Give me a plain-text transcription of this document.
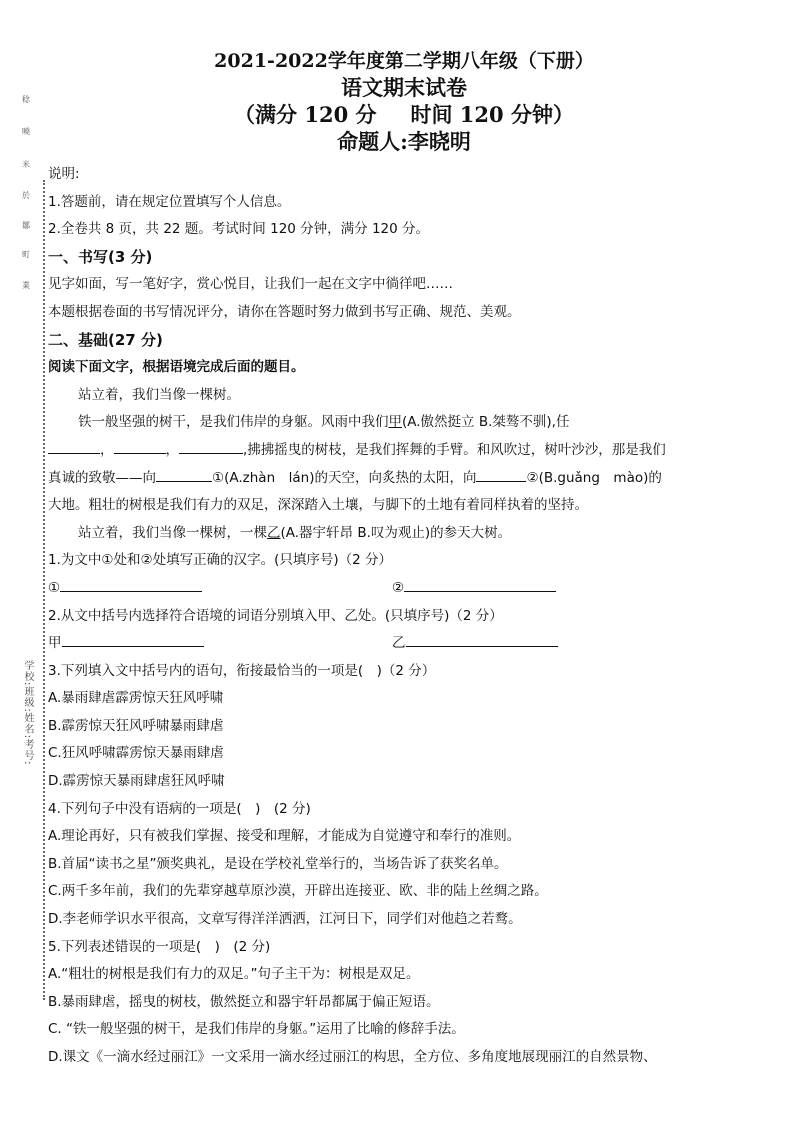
稔
曉
米
於
鄒
町
業
学校:班级:姓名:考号:
2021-2022学年度第二学期八年级（下册）
语文期末试卷
（满分 120 分 时间 120 分钟）
命题人:李晓明
说明:
1.答题前，请在规定位置填写个人信息。
2.全卷共 8 页，共 22 题。考试时间 120 分钟，满分 120 分。
一、书写(3 分)
见字如面，写一笔好字，赏心悦目，让我们一起在文字中徜徉吧……
本题根据卷面的书写情况评分，请你在答题时努力做到书写正确、规范、美观。
二、基础(27 分)
阅读下面文字，根据语境完成后面的题目。
站立着，我们当像一棵树。
铁一般坚强的树干，是我们伟岸的身躯。风雨中我们甲(A.傲然挺立 B.桀骜不驯),任
，	，	,拂拂摇曳的树枝，是我们挥舞的手臂。和风吹过，树叶沙沙，那是我们
真诚的致敬——向	①(A.zhàn　lán)的天空，向炙热的太阳，向	②(B.guǎng　mào)的
大地。粗壮的树根是我们有力的双足，深深踏入土壤，与脚下的土地有着同样执着的坚持。
站立着，我们当像一棵树，一棵乙(A.器宇轩昂 B.叹为观止)的参天大树。
1.为文中①处和②处填写正确的汉字。(只填序号)（2 分）
①	②
2.从文中括号内选择符合语境的词语分别填入甲、乙处。(只填序号)（2 分）
甲	乙
3.下列填入文中括号内的语句，衔接最恰当的一项是(　)（2 分）
A.暴雨肆虐霹雳惊天狂风呼啸
B.霹雳惊天狂风呼啸暴雨肆虐
C.狂风呼啸霹雳惊天暴雨肆虐
D.霹雳惊天暴雨肆虐狂风呼啸
4.下列句子中没有语病的一项是(　)　(2 分)
A.理论再好，只有被我们掌握、接受和理解，才能成为自觉遵守和奉行的准则。
B.首届“读书之星”颁奖典礼，是设在学校礼堂举行的，当场告诉了获奖名单。
C.两千多年前，我们的先辈穿越草原沙漠，开辟出连接亚、欧、非的陆上丝绸之路。
D.李老师学识水平很高，文章写得洋洋洒洒，江河日下，同学们对他趋之若鹜。
5.下列表述错误的一项是(　)　(2 分)
A.“粗壮的树根是我们有力的双足。”句子主干为：树根是双足。
B.暴雨肆虐，摇曳的树枝，傲然挺立和器宇轩昂都属于偏正短语。
C. “铁一般坚强的树干，是我们伟岸的身躯。”运用了比喻的修辞手法。
D.课文《一滴水经过丽江》一文采用一滴水经过丽江的构思，全方位、多角度地展现丽江的自然景物、
